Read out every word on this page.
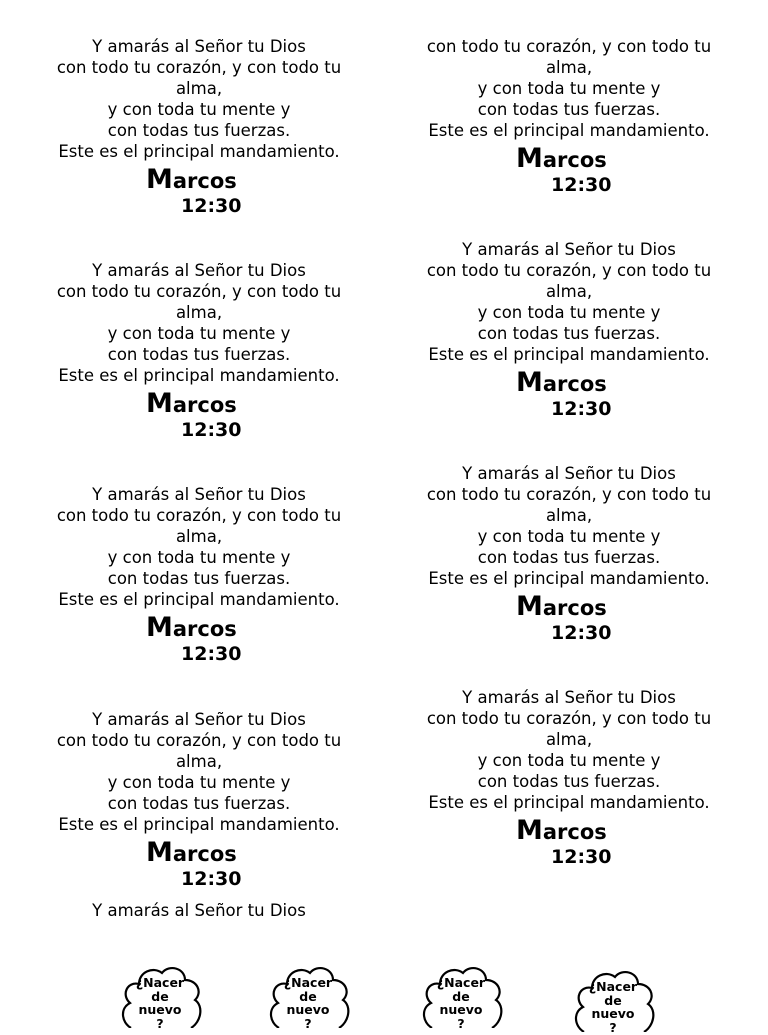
Y amarás al Señor tu Dios
con todo tu corazón, y con todo tu
alma,
y con toda tu mente y
con todas tus fuerzas.
Este es el principal mandamiento.
Marcos
12:30
Y amarás al Señor tu Dios
con todo tu corazón, y con todo tu
alma,
y con toda tu mente y
con todas tus fuerzas.
Este es el principal mandamiento.
Marcos
12:30
Y amarás al Señor tu Dios
con todo tu corazón, y con todo tu
alma,
y con toda tu mente y
con todas tus fuerzas.
Este es el principal mandamiento.
Marcos
12:30
Y amarás al Señor tu Dios
con todo tu corazón, y con todo tu
alma,
y con toda tu mente y
con todas tus fuerzas.
Este es el principal mandamiento.
Marcos
12:30
Y amarás al Señor tu Dios
con todo tu corazón, y con todo tu
alma,
y con toda tu mente y
con todas tus fuerzas.
Este es el principal mandamiento.
Marcos
12:30
Y amarás al Señor tu Dios
con todo tu corazón, y con todo tu
alma,
y con toda tu mente y
con todas tus fuerzas.
Este es el principal mandamiento.
Marcos
12:30
Y amarás al Señor tu Dios
con todo tu corazón, y con todo tu
alma,
y con toda tu mente y
con todas tus fuerzas.
Este es el principal mandamiento.
Marcos
12:30
Y amarás al Señor tu Dios
con todo tu corazón, y con todo tu
alma,
y con toda tu mente y
con todas tus fuerzas.
Este es el principal mandamiento.
Marcos
12:30
¿Nacer
de
nuevo
?
¿Nacer
de
nuevo
?
¿Nacer
de
nuevo
?
¿Nacer
de
nuevo
?
